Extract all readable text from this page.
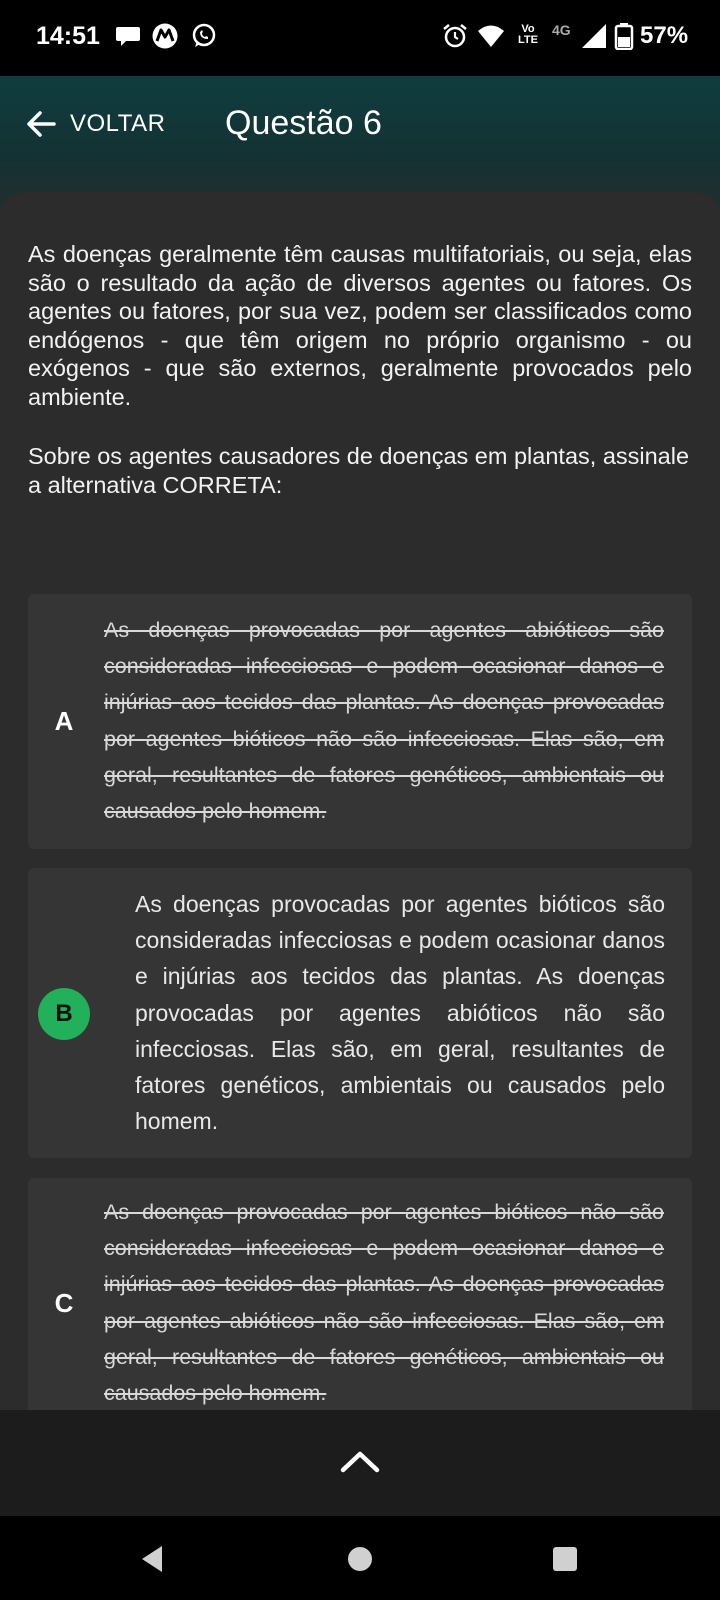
14:51	Vo
LTE
4G	57%
VOLTAR Questão 6

As doenças geralmente têm causas multifatoriais, ou seja, elas são o resultado da ação de diversos agentes ou fatores. Os agentes ou fatores, por sua vez, podem ser classificados como endógenos - que têm origem no próprio organismo - ou exógenos - que são externos, geralmente provocados pelo ambiente.

Sobre os agentes causadores de doenças em plantas, assinale a alternativa CORRETA:

A
As doenças provocadas por agentes abióticos são consideradas infecciosas e podem ocasionar danos e injúrias aos tecidos das plantas. As doenças provocadas por agentes bióticos não são infecciosas. Elas são, em geral, resultantes de fatores genéticos, ambientais ou causados pelo homem.
B
As doenças provocadas por agentes bióticos são consideradas infecciosas e podem ocasionar danos e injúrias aos tecidos das plantas. As doenças provocadas por agentes abióticos não são infecciosas. Elas são, em geral, resultantes de fatores genéticos, ambientais ou causados pelo homem.
C
As doenças provocadas por agentes bióticos não são consideradas infecciosas e podem ocasionar danos e injúrias aos tecidos das plantas. As doenças provocadas por agentes abióticos não são infecciosas. Elas são, em geral, resultantes de fatores genéticos, ambientais ou causados pelo homem.
